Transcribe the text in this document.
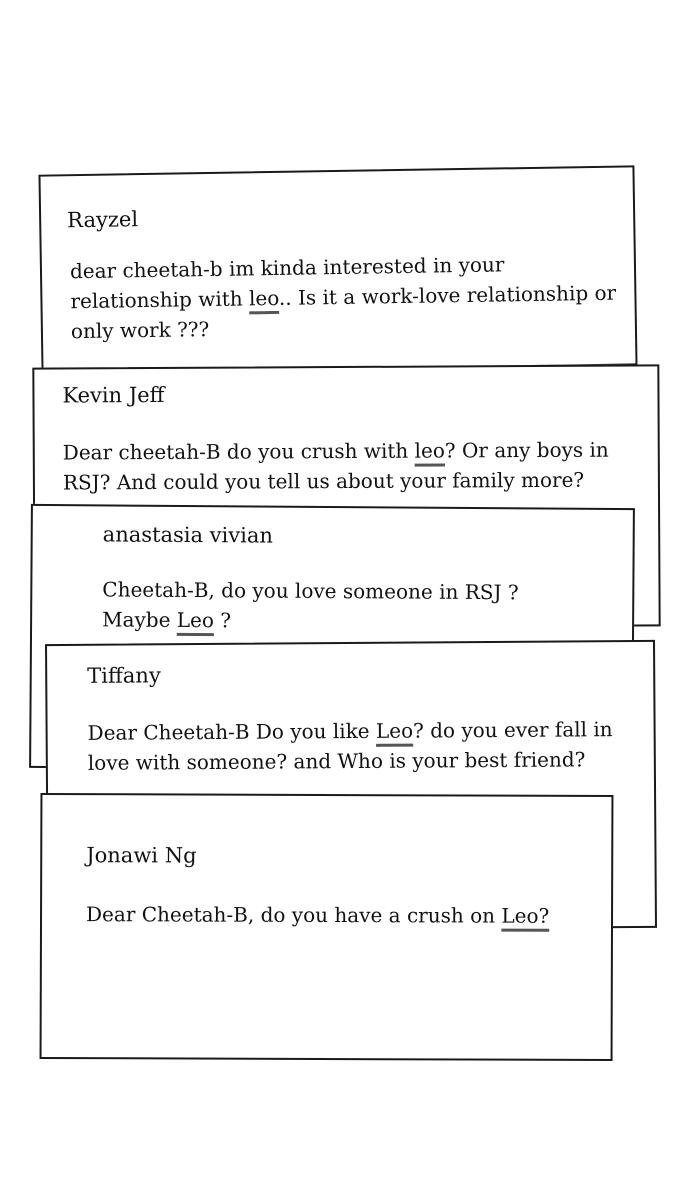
Rayzel
dear cheetah-b im kinda interested in your
relationship with leo.. Is it a work-love relationship or
only work ???
Kevin Jeff
Dear cheetah-B do you crush with leo? Or any boys in
RSJ? And could you tell us about your family more?
anastasia vivian
Cheetah-B, do you love someone in RSJ ?
Maybe Leo ?
Tiffany
Dear Cheetah-B Do you like Leo? do you ever fall in
love with someone? and Who is your best friend?
Jonawi Ng
Dear Cheetah-B, do you have a crush on Leo?
